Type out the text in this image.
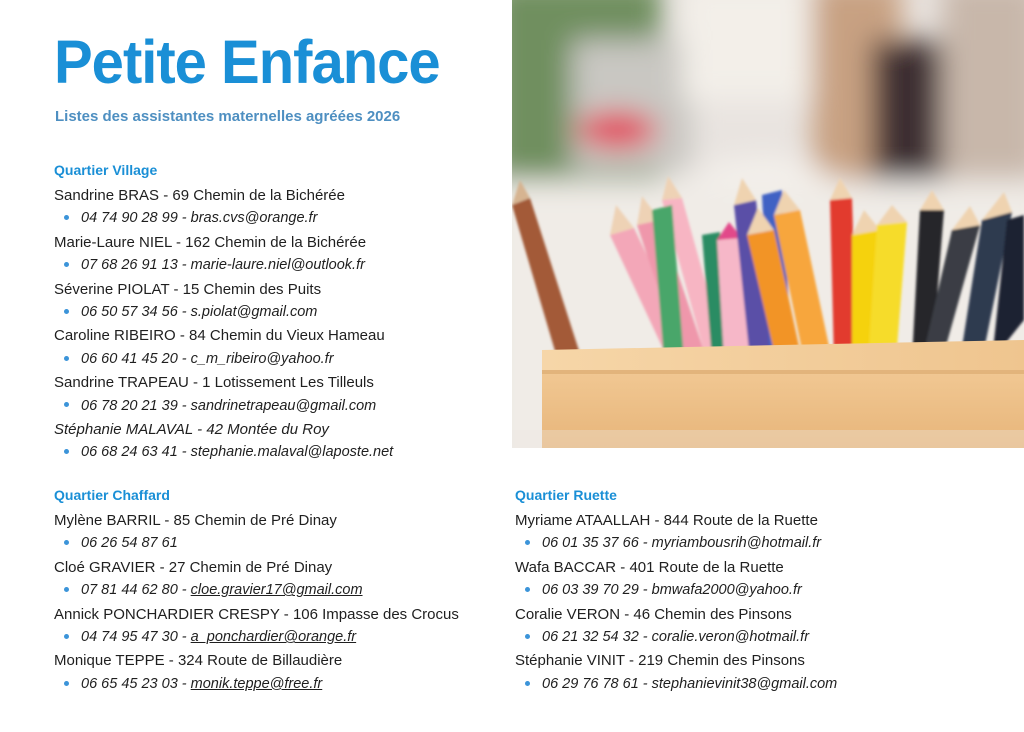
Petite Enfance

Listes des assistantes maternelles agréées 2026

Quartier Village

Sandrine BRAS - 69 Chemin de la Bichérée

04 74 90 28 99 - bras.cvs@orange.fr

Marie-Laure NIEL - 162 Chemin de la Bichérée

07 68 26 91 13 - marie-laure.niel@outlook.fr

Séverine PIOLAT - 15 Chemin des Puits

06 50 57 34 56 - s.piolat@gmail.com

Caroline RIBEIRO - 84 Chemin du Vieux Hameau

06 60 41 45 20 - c_m_ribeiro@yahoo.fr

Sandrine TRAPEAU - 1 Lotissement Les Tilleuls

06 78 20 21 39 - sandrinetrapeau@gmail.com

Stéphanie MALAVAL - 42 Montée du Roy

06 68 24 63 41 - stephanie.malaval@laposte.net

Quartier Chaffard

Mylène BARRIL - 85 Chemin de Pré Dinay

06 26 54 87 61

Cloé GRAVIER - 27 Chemin de Pré Dinay

07 81 44 62 80 - cloe.gravier17@gmail.com

Annick PONCHARDIER CRESPY - 106 Impasse des Crocus

04 74 95 47 30 - a_ponchardier@orange.fr

Monique TEPPE - 324 Route de Billaudière

06 65 45 23 03 - monik.teppe@free.fr

Quartier Ruette

Myriame ATAALLAH - 844 Route de la Ruette

06 01 35 37 66 - myriambousrih@hotmail.fr

Wafa BACCAR - 401 Route de la Ruette

06 03 39 70 29 - bmwafa2000@yahoo.fr

Coralie VERON - 46 Chemin des Pinsons

06 21 32 54 32 - coralie.veron@hotmail.fr

Stéphanie VINIT - 219 Chemin des Pinsons

06 29 76 78 61 - stephanievinit38@gmail.com
